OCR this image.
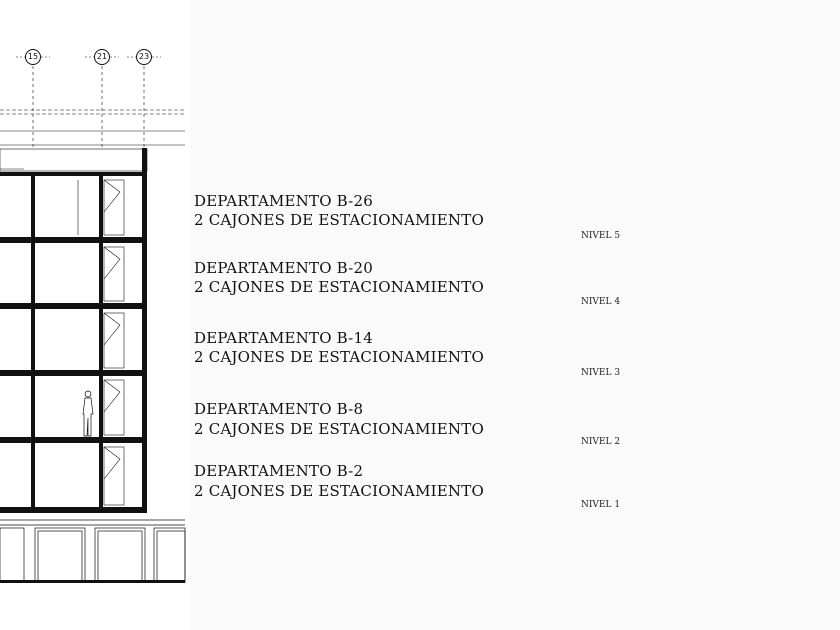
15	21	23
DEPARTAMENTO B-26
2 CAJONES DE ESTACIONAMIENTO
NIVEL 5
DEPARTAMENTO B-20
2 CAJONES DE ESTACIONAMIENTO
NIVEL 4
DEPARTAMENTO B-14
2 CAJONES DE ESTACIONAMIENTO
NIVEL 3
DEPARTAMENTO B-8
2 CAJONES DE ESTACIONAMIENTO
NIVEL 2
DEPARTAMENTO B-2
2 CAJONES DE ESTACIONAMIENTO
NIVEL 1
